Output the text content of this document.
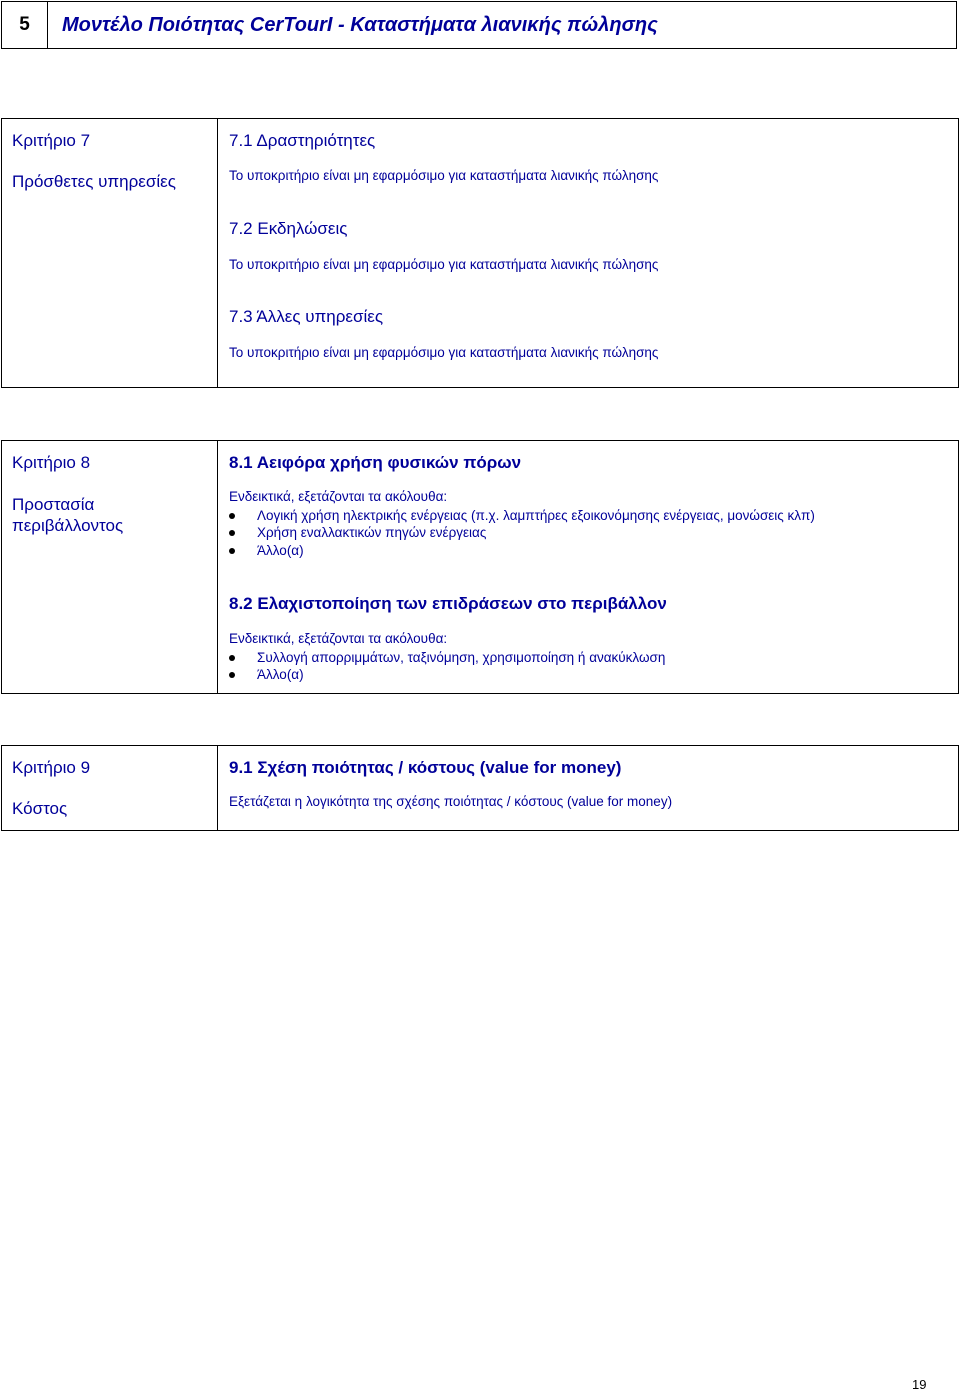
5	Μοντέλο Ποιότητας CerTourI - Καταστήματα λιανικής πώλησης
Κριτήριο 7
Πρόσθετες υπηρεσίες
7.1 Δραστηριότητες
Το υποκριτήριο είναι μη εφαρμόσιμο για καταστήματα λιανικής πώλησης
7.2 Εκδηλώσεις
Το υποκριτήριο είναι μη εφαρμόσιμο για καταστήματα λιανικής πώλησης
7.3 Άλλες υπηρεσίες
Το υποκριτήριο είναι μη εφαρμόσιμο για καταστήματα λιανικής πώλησης
Κριτήριο 8
Προστασία
περιβάλλοντος
8.1 Αειφόρα χρήση φυσικών πόρων
Ενδεικτικά, εξετάζονται τα ακόλουθα:
Λογική χρήση ηλεκτρικής ενέργειας (π.χ. λαμπτήρες εξοικονόμησης ενέργειας, μονώσεις κλπ)
Χρήση εναλλακτικών πηγών ενέργειας
Άλλο(α)
8.2 Ελαχιστοποίηση των επιδράσεων στο περιβάλλον
Ενδεικτικά, εξετάζονται τα ακόλουθα:
Συλλογή απορριμμάτων, ταξινόμηση, χρησιμοποίηση ή ανακύκλωση
Άλλο(α)
Κριτήριο 9
Κόστος
9.1 Σχέση ποιότητας / κόστους (value for money)
Εξετάζεται η λογικότητα της σχέσης ποιότητας / κόστους (value for money)
19
